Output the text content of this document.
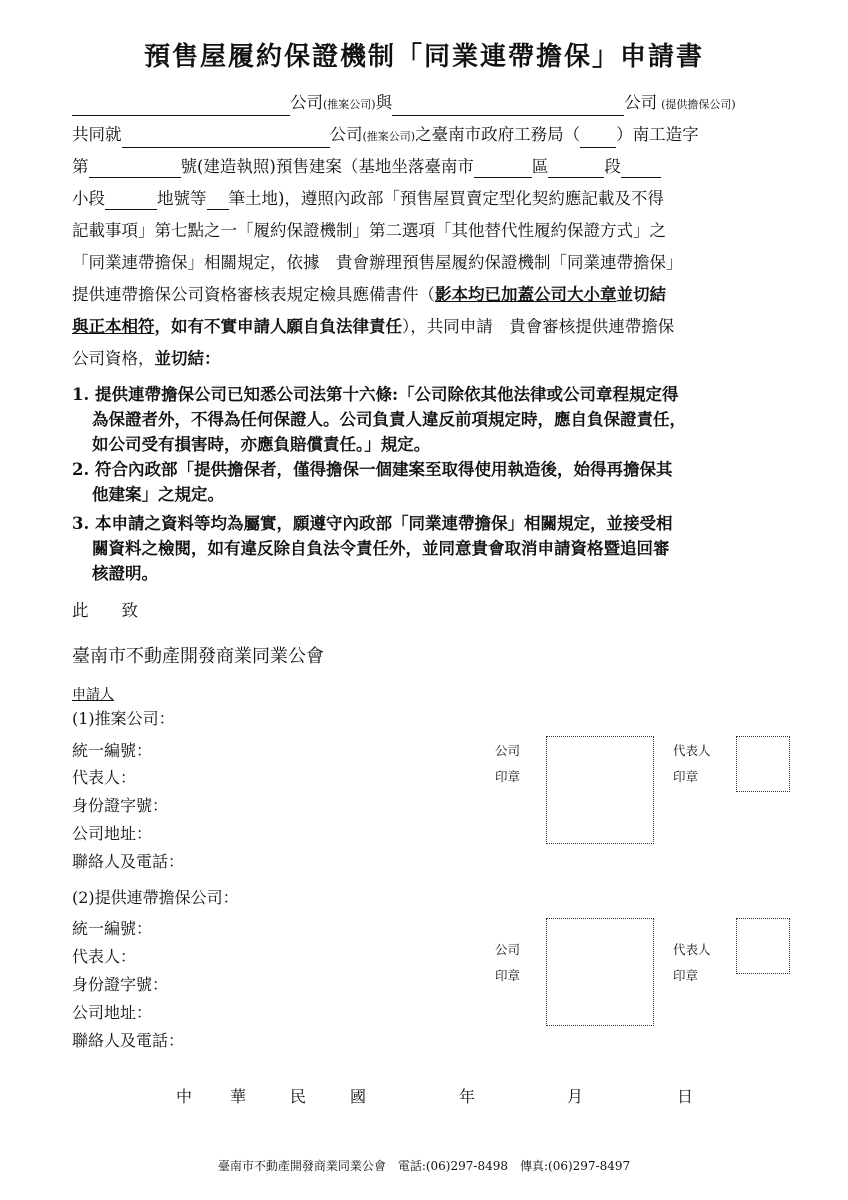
預售屋履約保證機制「同業連帶擔保」申請書
公司(推案公司)與	公司 (提供擔保公司)
共同就	公司(推案公司)之臺南市政府工務局（ ）南工造字
第	號(建造執照)預售建案（基地坐落臺南市	區	段
小段	地號等 筆土地)，遵照內政部「預售屋買賣定型化契約應記載及不得
記載事項」第七點之一「履約保證機制」第二選項「其他替代性履約保證方式」之
「同業連帶擔保」相關規定，依據　貴會辦理預售屋履約保證機制「同業連帶擔保」
提供連帶擔保公司資格審核表規定檢具應備書件（影本均已加蓋公司大小章並切結
與正本相符，如有不實申請人願自負法律責任），共同申請　貴會審核提供連帶擔保
公司資格，並切結：
1. 提供連帶擔保公司已知悉公司法第十六條:「公司除依其他法律或公司章程規定得
為保證者外，不得為任何保證人。公司負責人違反前項規定時，應自負保證責任，
如公司受有損害時，亦應負賠償責任。」規定。
2. 符合內政部「提供擔保者，僅得擔保一個建案至取得使用執造後，始得再擔保其
他建案」之規定。
3. 本申請之資料等均為屬實，願遵守內政部「同業連帶擔保」相關規定，並接受相
關資料之檢閱，如有違反除自負法令責任外，並同意貴會取消申請資格暨追回審
核證明。
此　　致
臺南市不動產開發商業同業公會
申請人
(1)推案公司：
統一編號：
代表人：
身份證字號：
公司地址：
聯絡人及電話：
公司
印章
代表人
印章
(2)提供連帶擔保公司：
統一編號：
代表人：
身份證字號：
公司地址：
聯絡人及電話：
公司
印章
代表人
印章
中 華	民	國	年	月	日
臺南市不動產開發商業同業公會　電話:(06)297-8498　傳真:(06)297-8497
